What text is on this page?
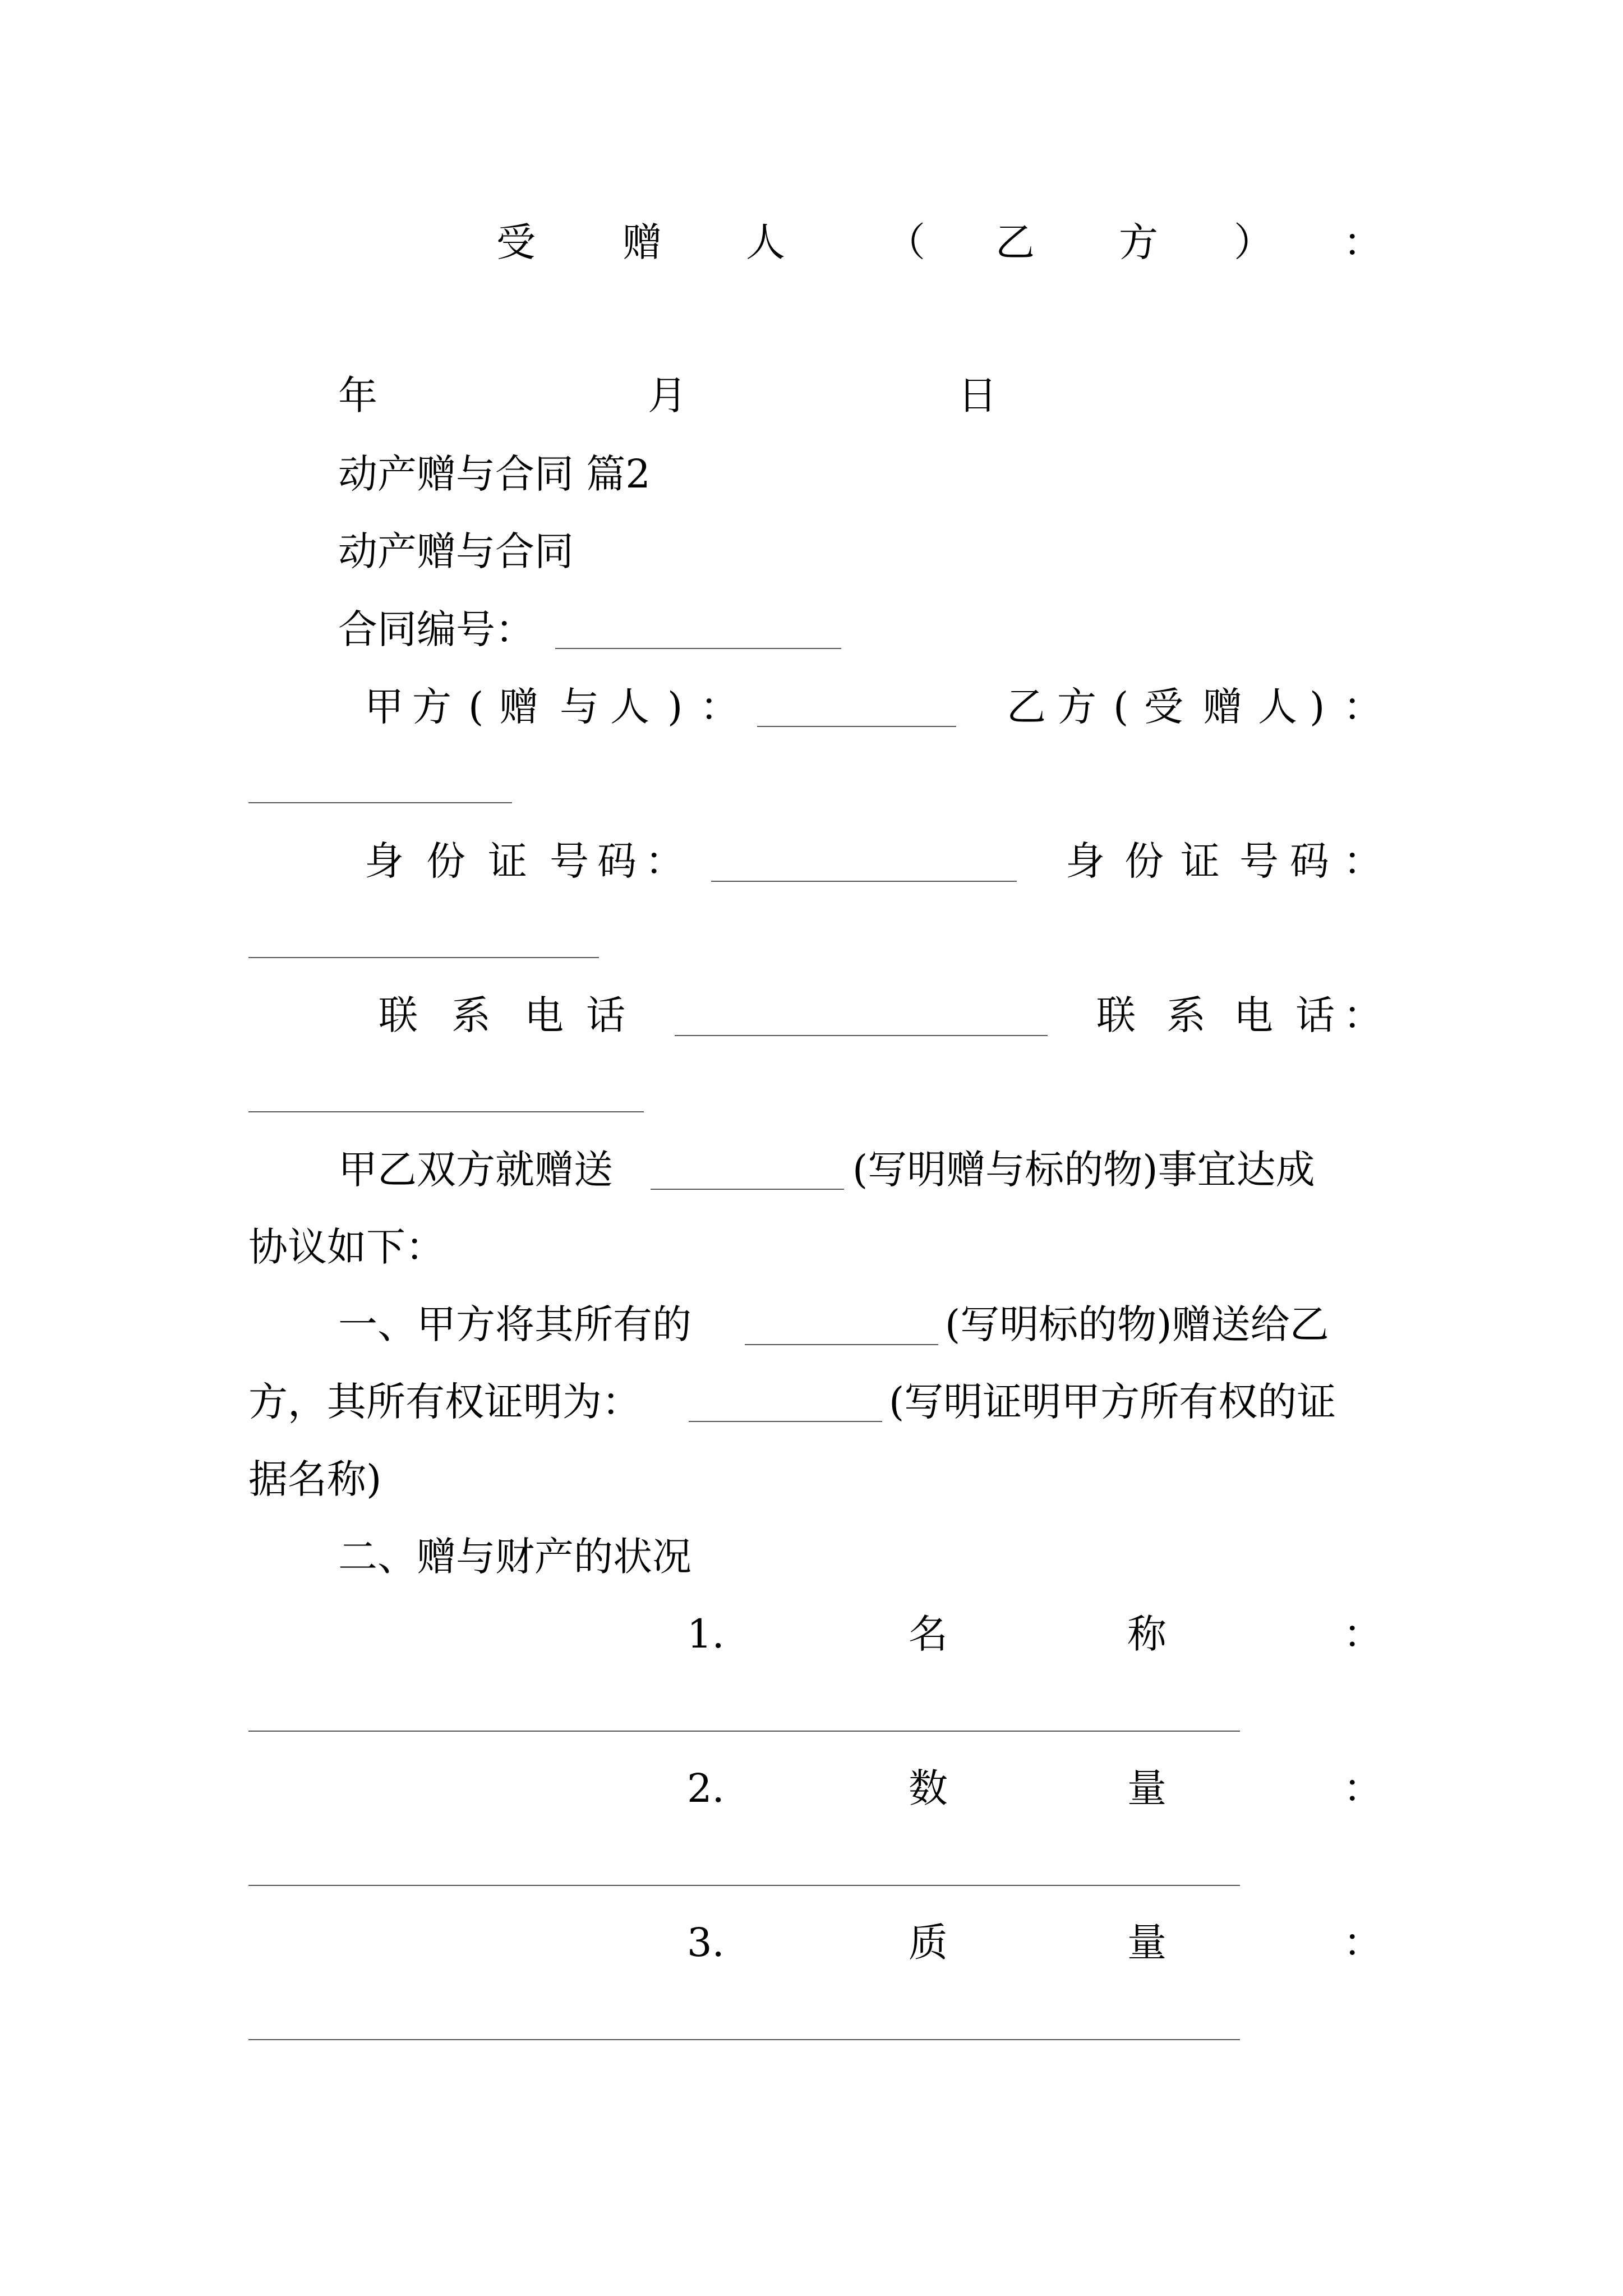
受 赠 人	（ 乙 方 ） ：
年	月	日
动产赠与合同 篇2
动产赠与合同
合同编号：
甲 方 ( 赠 与 人 ) ：	乙 方 ( 受 赠 人 ) ：
身 份 证 号 码 ：	身 份 证 号 码 ：
联 系 电 话	联 系 电 话 ：
甲乙双方就赠送	(写明赠与标的物)事宜达成
协议如下：
一、甲方将其所有的	(写明标的物)赠送给乙
方，其所有权证明为：	(写明证明甲方所有权的证
据名称)
二、赠与财产的状况
1.	名	称	：
2.	数	量	：
3.	质	量	：
